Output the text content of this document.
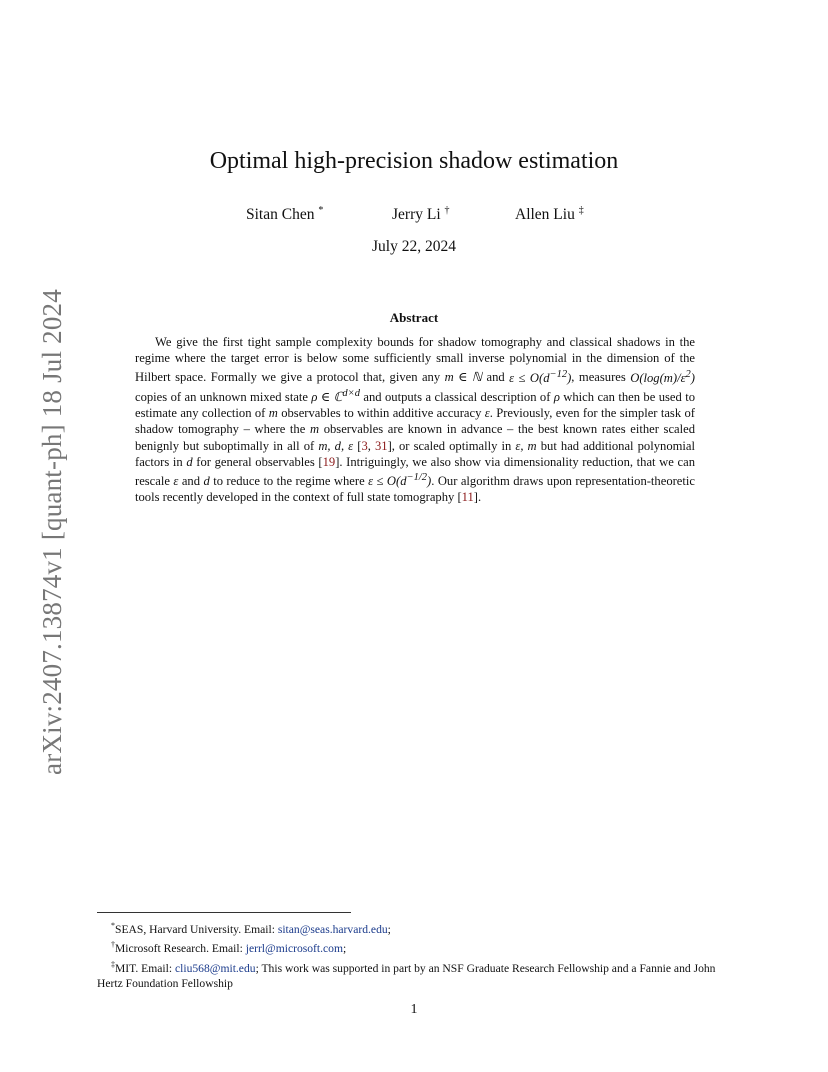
arXiv:2407.13874v1 [quant-ph] 18 Jul 2024
Optimal high-precision shadow estimation
Sitan Chen *	Jerry Li †	Allen Liu ‡
July 22, 2024
Abstract

We give the first tight sample complexity bounds for shadow tomography and classical shadows in the regime where the target error is below some sufficiently small inverse polynomial in the dimension of the Hilbert space. Formally we give a protocol that, given any m ∈ ℕ and $\varepsilon \le O(d^{-12})$, measures $O(\log(m)/\varepsilon^2)$ copies of an unknown mixed state ρ ∈ ℂ$^{d\times d}$ and outputs a classical description of ρ which can then be used to estimate any collection of m observables to within additive accuracy ε. Previously, even for the simpler task of shadow tomography – where the m observables are known in advance – the best known rates either scaled benignly but suboptimally in all of m, d, ε [3, 31], or scaled optimally in ε, m but had additional polynomial factors in d for general observables [19]. Intriguingly, we also show via dimensionality reduction, that we can rescale ε and d to reduce to the regime where $\varepsilon \le O(d^{-1/2})$. Our algorithm draws upon representation-theoretic tools recently developed in the context of full state tomography [11].

*SEAS, Harvard University. Email: sitan@seas.harvard.edu;

†Microsoft Research. Email: jerrl@microsoft.com;

‡MIT. Email: cliu568@mit.edu; This work was supported in part by an NSF Graduate Research Fellowship and a Fannie and John Hertz Foundation Fellowship

1
